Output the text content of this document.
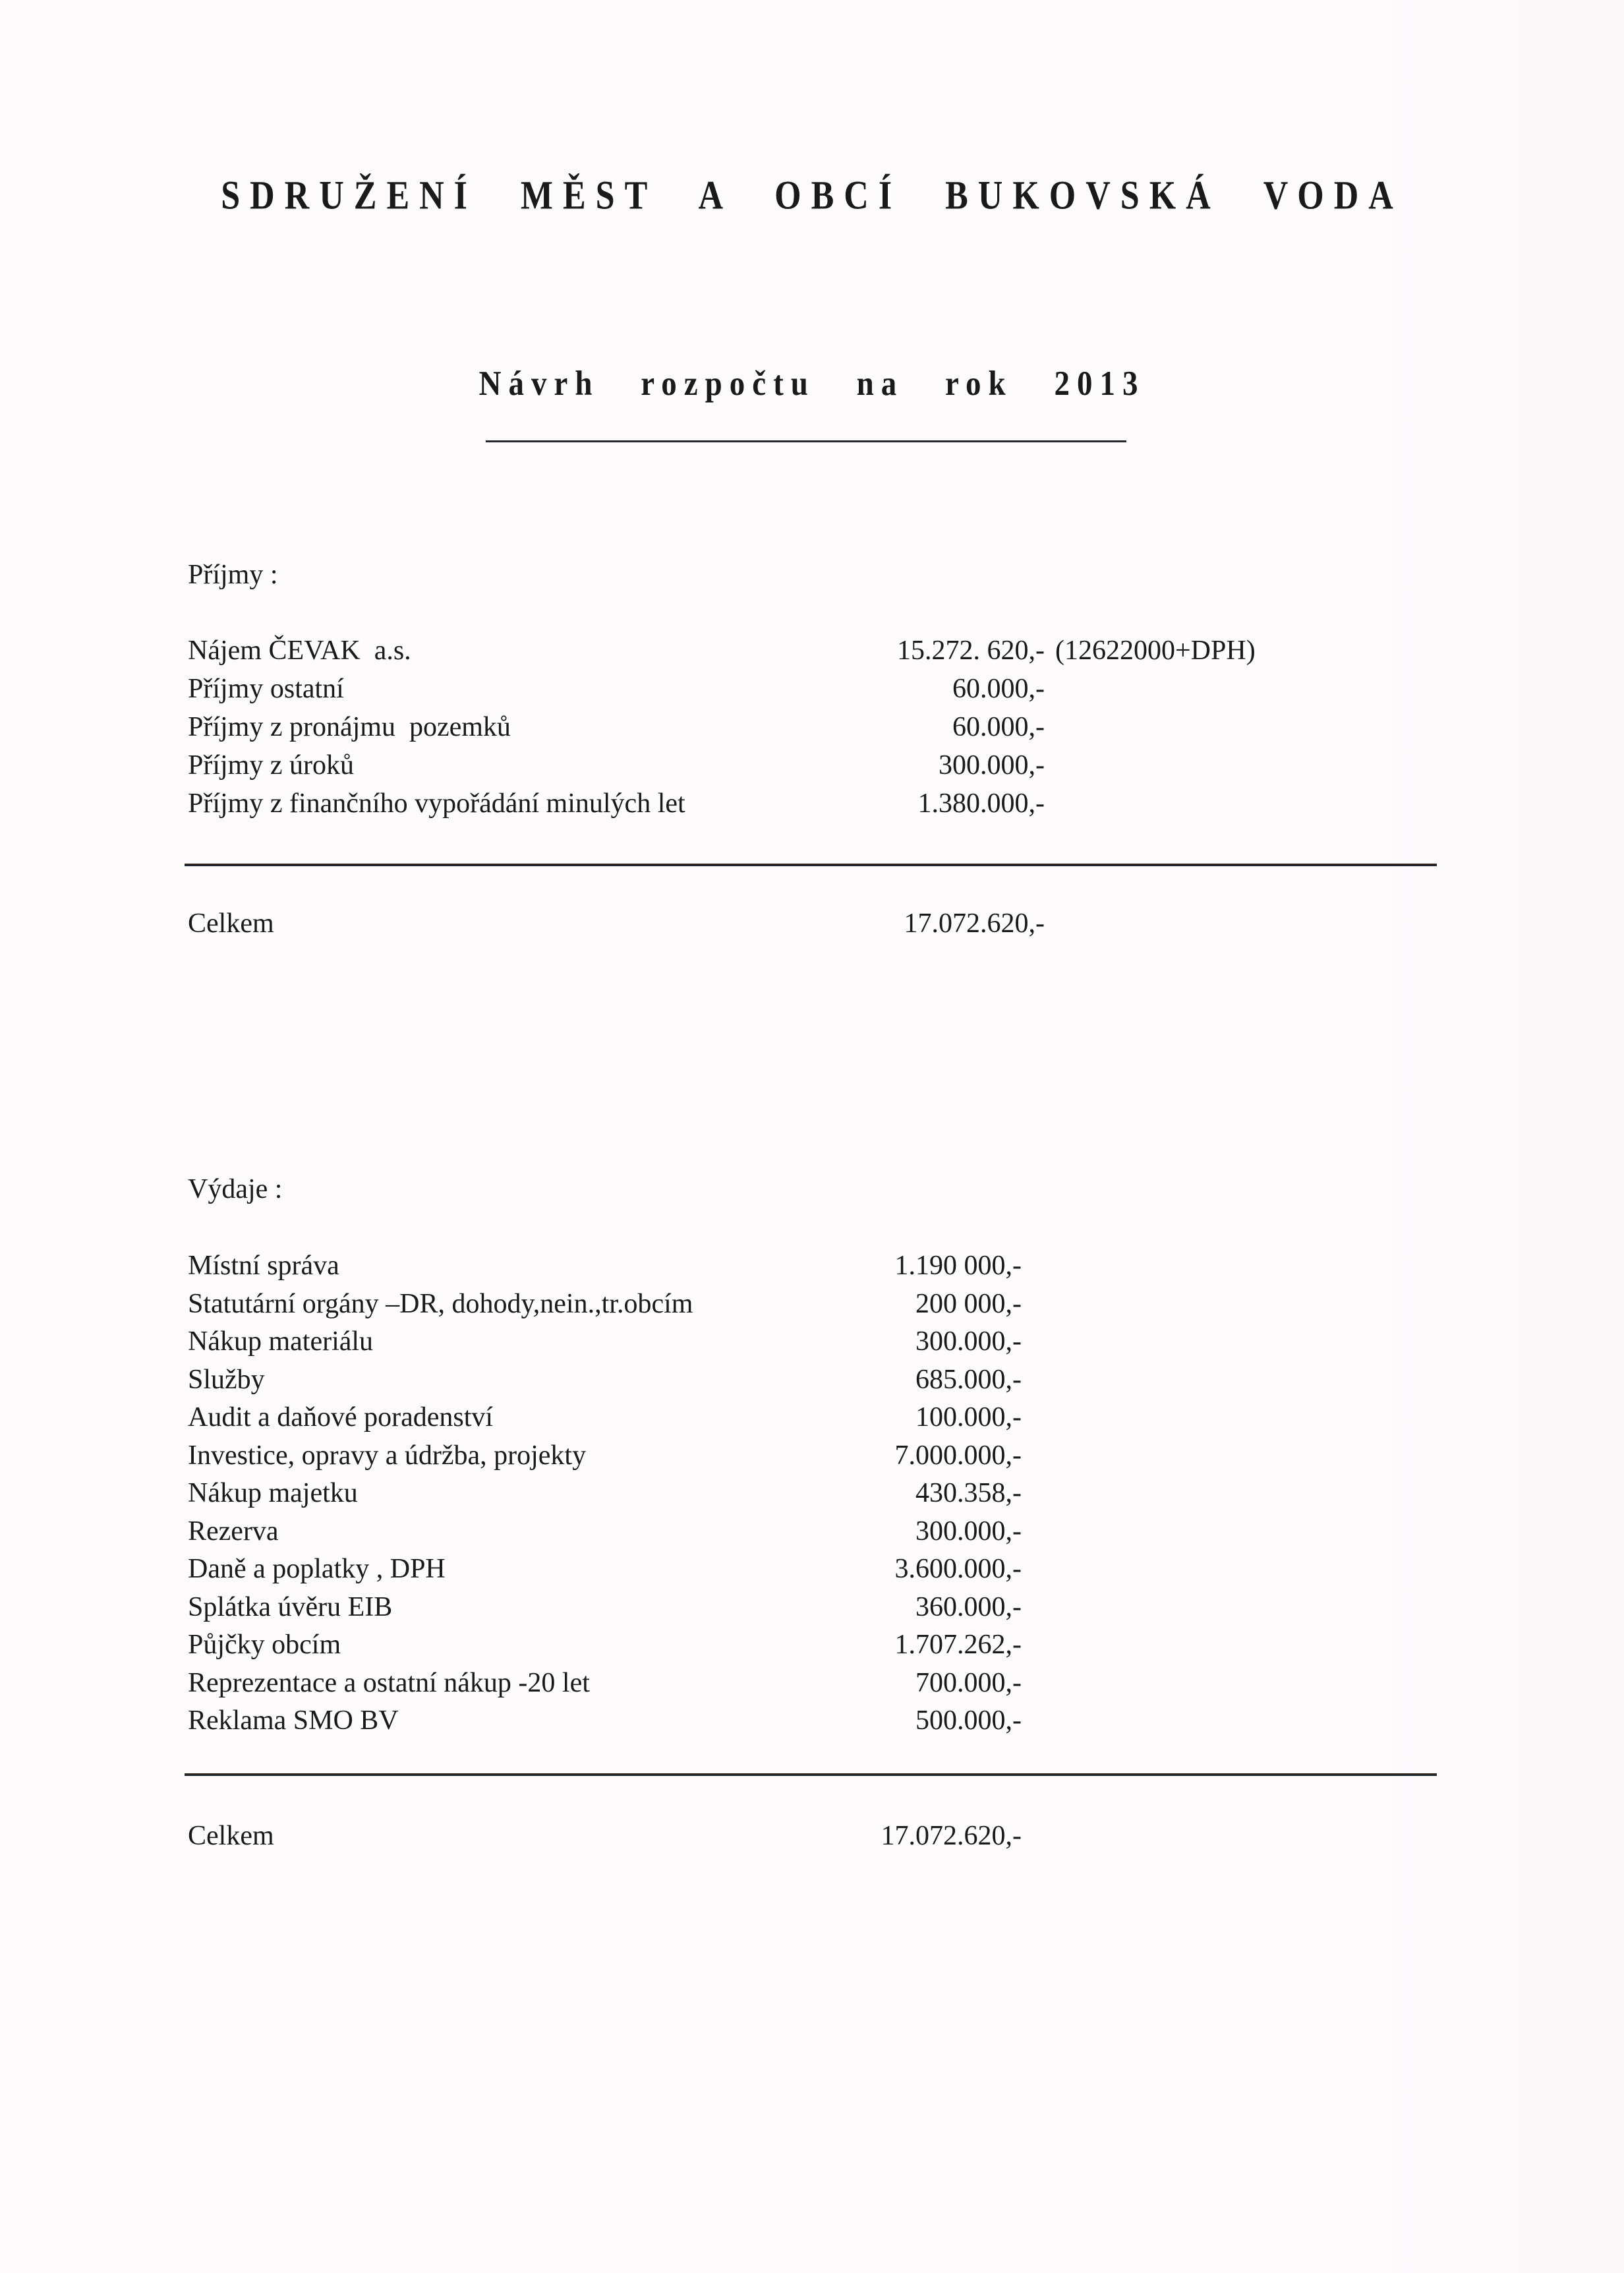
SDRUŽENÍ MĚST A OBCÍ BUKOVSKÁ VODA
Návrh rozpočtu na rok 2013
Příjmy :
Nájem ČEVAK  a.s.	15.272. 620,- (12622000+DPH)
Příjmy ostatní	60.000,-
Příjmy z pronájmu  pozemků	60.000,-
Příjmy z úroků	300.000,-
Příjmy z finančního vypořádání minulých let	1.380.000,-
Celkem	17.072.620,-
Výdaje :
Místní správa	1.190 000,-
Statutární orgány –DR, dohody,nein.,tr.obcím	200 000,-
Nákup materiálu	300.000,-
Služby	685.000,-
Audit a daňové poradenství	100.000,-
Investice, opravy a údržba, projekty	7.000.000,-
Nákup majetku	430.358,-
Rezerva	300.000,-
Daně a poplatky , DPH	3.600.000,-
Splátka úvěru EIB	360.000,-
Půjčky obcím	1.707.262,-
Reprezentace a ostatní nákup -20 let	700.000,-
Reklama SMO BV	500.000,-
Celkem	17.072.620,-
